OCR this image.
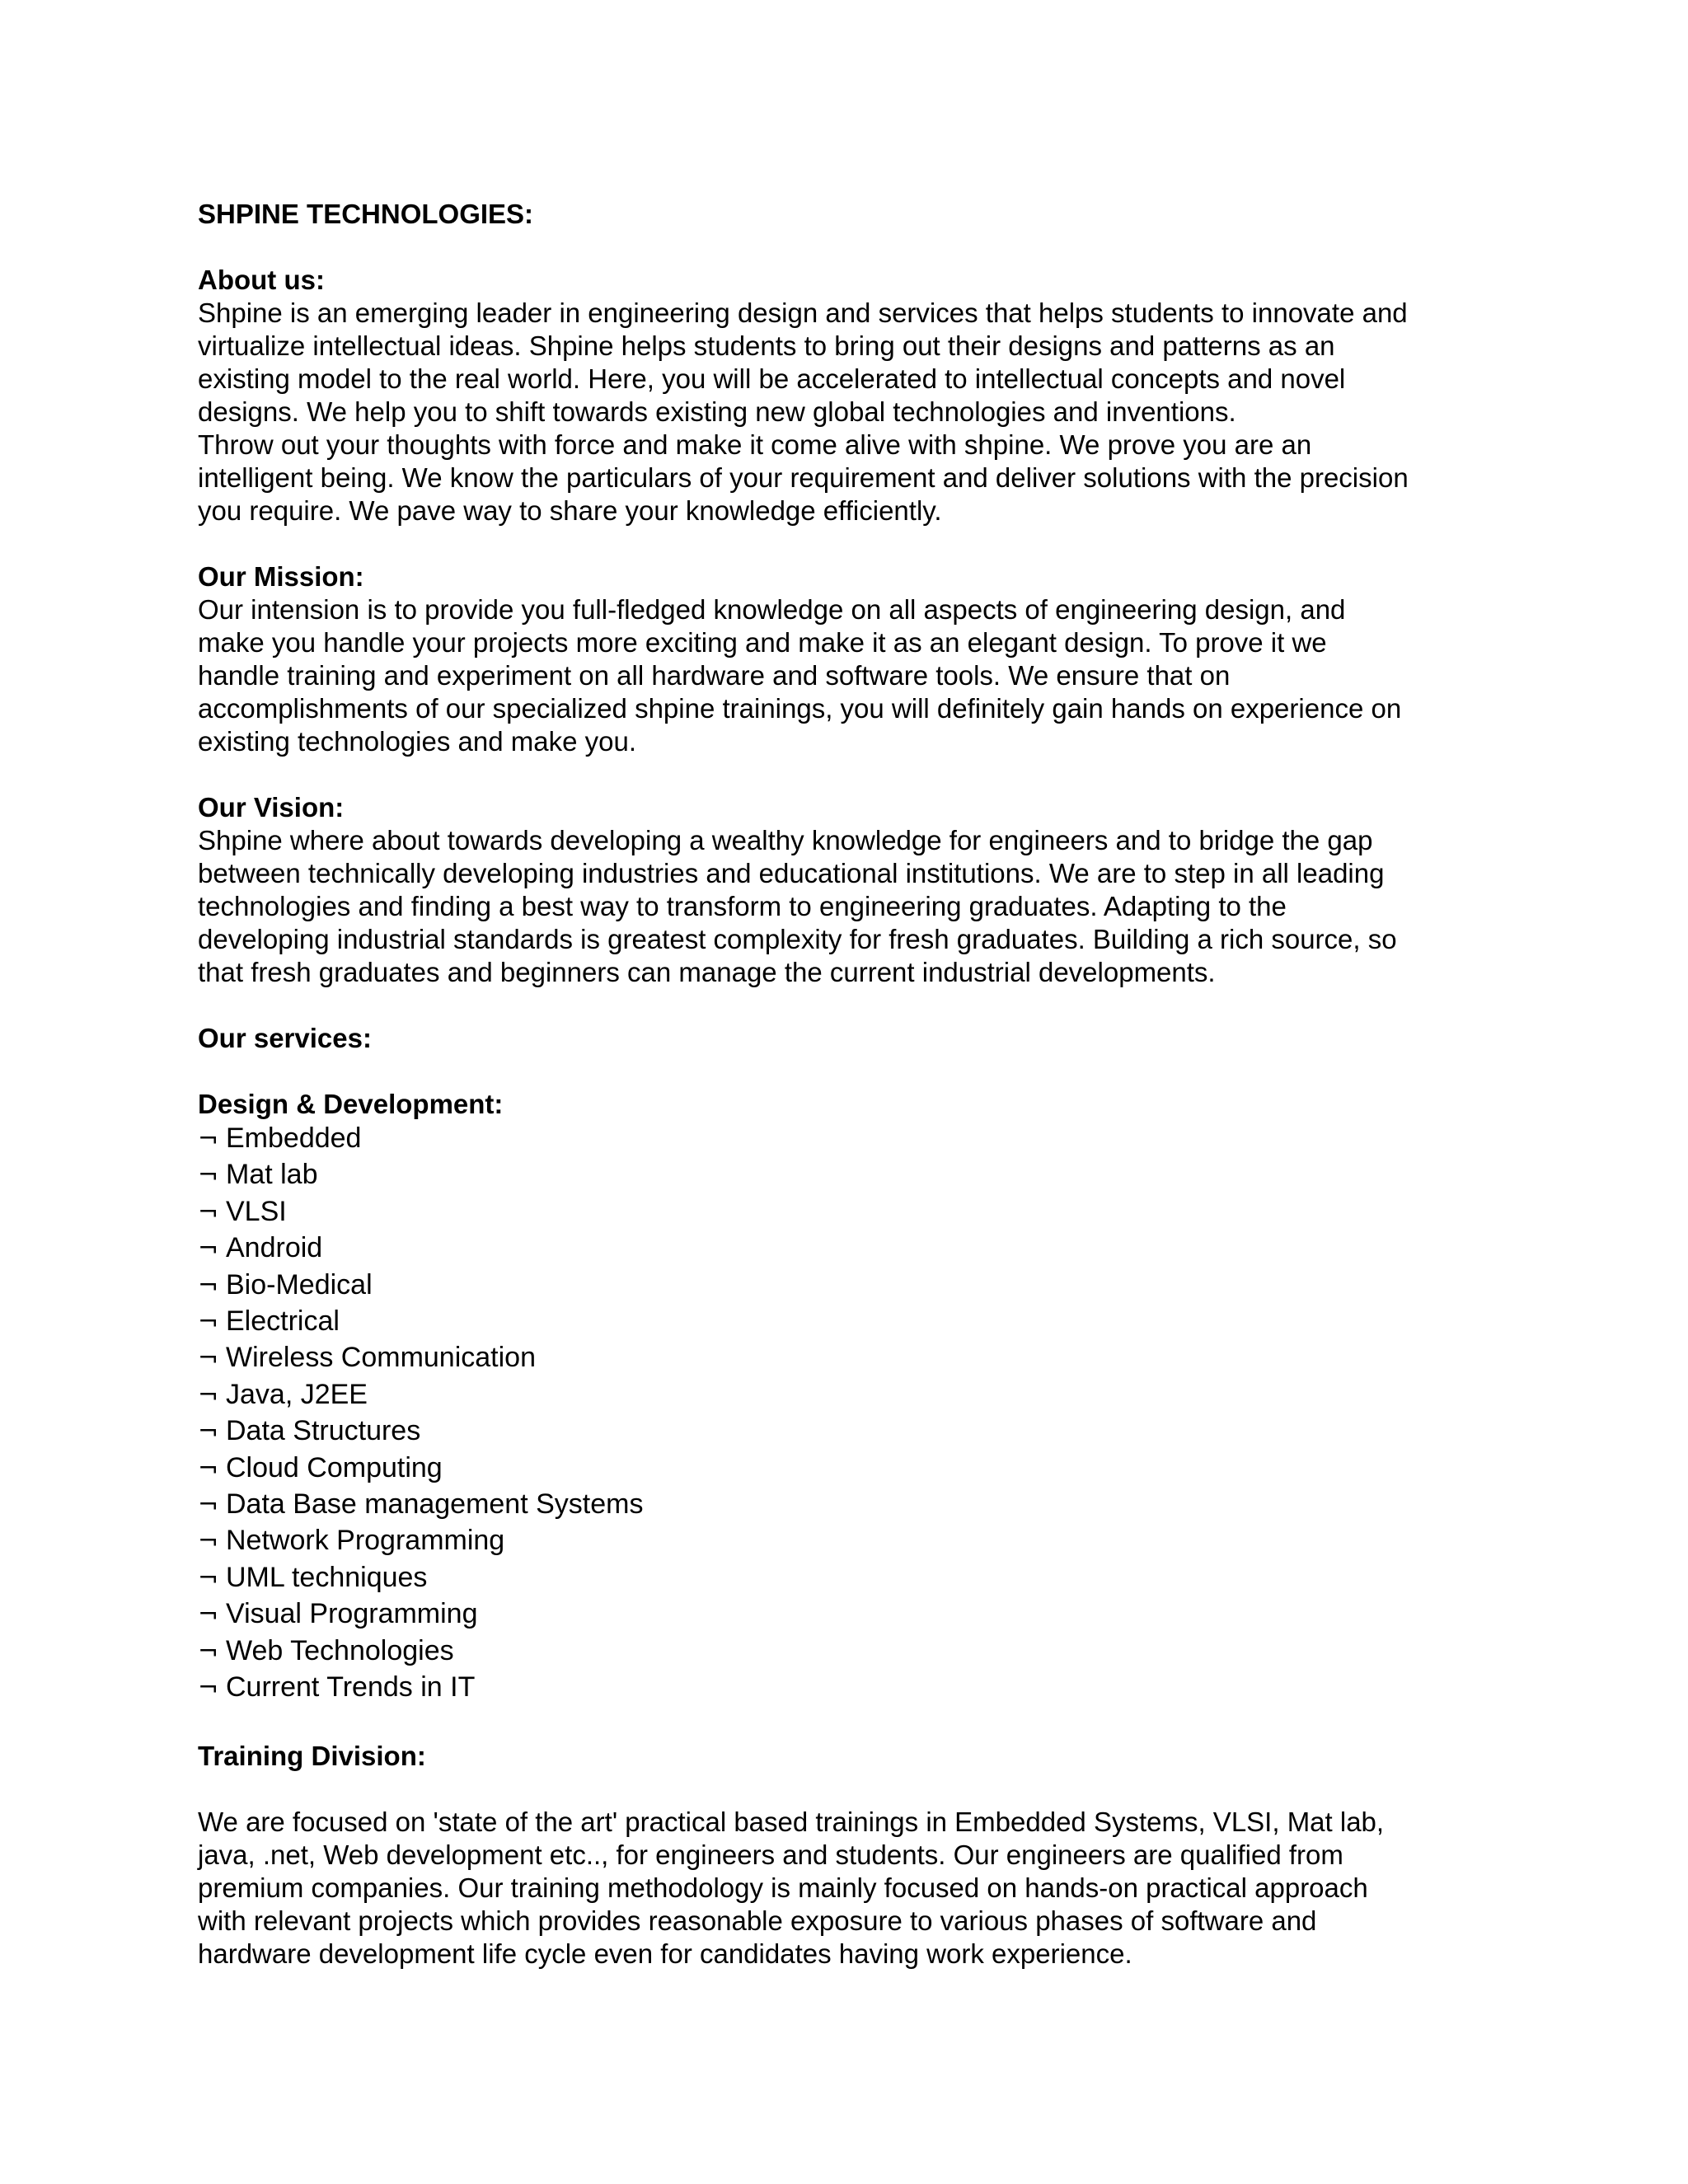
SHPINE TECHNOLOGIES:
About us:
Shpine is an emerging leader in engineering design and services that helps students to innovate and
virtualize intellectual ideas. Shpine helps students to bring out their designs and patterns as an
existing model to the real world. Here, you will be accelerated to intellectual concepts and novel
designs. We help you to shift towards existing new global technologies and inventions.
Throw out your thoughts with force and make it come alive with shpine. We prove you are an
intelligent being. We know the particulars of your requirement and deliver solutions with the precision
you require. We pave way to share your knowledge efficiently.
Our Mission:
Our intension is to provide you full-fledged knowledge on all aspects of engineering design, and
make you handle your projects more exciting and make it as an elegant design. To prove it we
handle training and experiment on all hardware and software tools. We ensure that on
accomplishments of our specialized shpine trainings, you will definitely gain hands on experience on
existing technologies and make you.
Our Vision:
Shpine where about towards developing a wealthy knowledge for engineers and to bridge the gap
between technically developing industries and educational institutions. We are to step in all leading
technologies and finding a best way to transform to engineering graduates. Adapting to the
developing industrial standards is greatest complexity for fresh graduates. Building a rich source, so
that fresh graduates and beginners can manage the current industrial developments.
Our services:
Design & Development:
¬ Embedded
¬ Mat lab
¬ VLSI
¬ Android
¬ Bio-Medical
¬ Electrical
¬ Wireless Communication
¬ Java, J2EE
¬ Data Structures
¬ Cloud Computing
¬ Data Base management Systems
¬ Network Programming
¬ UML techniques
¬ Visual Programming
¬ Web Technologies
¬ Current Trends in IT
Training Division:
We are focused on 'state of the art' practical based trainings in Embedded Systems, VLSI, Mat lab,
java, .net, Web development etc.., for engineers and students. Our engineers are qualified from
premium companies. Our training methodology is mainly focused on hands-on practical approach
with relevant projects which provides reasonable exposure to various phases of software and
hardware development life cycle even for candidates having work experience.
